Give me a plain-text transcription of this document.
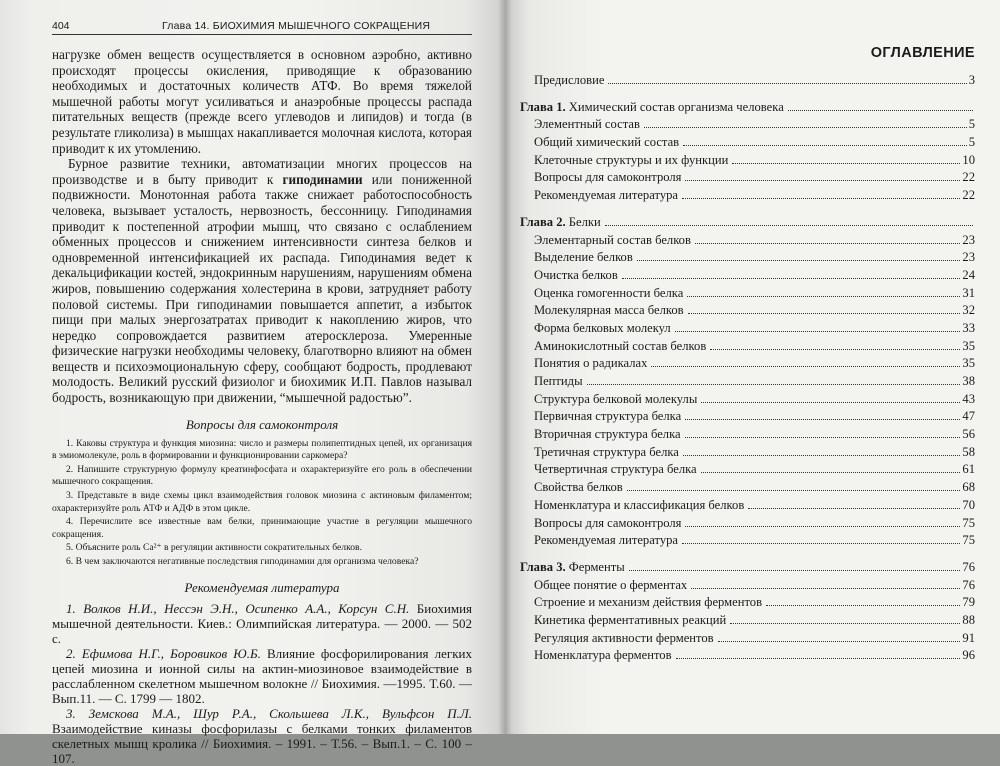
404	Глава 14. БИОХИМИЯ МЫШЕЧНОГО СОКРАЩЕНИЯ

нагрузке обмен веществ осуществляется в основном аэробно, активно происходят процессы окисления, приводящие к образованию необходимых и достаточных количеств АТФ. Во время тяжелой мышечной работы могут усиливаться и анаэробные процессы распада питательных веществ (прежде всего углеводов и липидов) и тогда (в результате гликолиза) в мышцах накапливается молочная кислота, которая приводит к их утомлению.

Бурное развитие техники, автоматизации многих процессов на производстве и в быту приводит к гиподинамии или пониженной подвижности. Монотонная работа также снижает работоспособность человека, вызывает усталость, нервозность, бессонницу. Гиподинамия приводит к постепенной атрофии мышц, что связано с ослаблением обменных процессов и снижением интенсивности синтеза белков и одновременной интенсификацией их распада. Гиподинамия ведет к декальцификации костей, эндокринным нарушениям, нарушениям обмена жиров, повышению содержания холестерина в крови, затрудняет работу половой системы. При гиподинамии повышается аппетит, а избыток пищи при малых энергозатратах приводит к накоплению жиров, что нередко сопровождается развитием атеросклероза. Умеренные физические нагрузки необходимы человеку, благотворно влияют на обмен веществ и психоэмоциональную сферу, сообщают бодрость, продлевают молодость. Великий русский физиолог и биохимик И.П. Павлов называл бодрость, возникающую при движении, “мышечной радостью”.

Вопросы для самоконтроля
1. Каковы структура и функция миозина: число и размеры полипептидных цепей, их организация в эмиомолекуле, роль в формировании и функционировании саркомера?
2. Напишите структурную формулу креатинфосфата и охарактеризуйте его роль в обеспечении мышечного сокращения.
3. Представьте в виде схемы цикл взаимодействия головок миозина с актиновым филаментом; охарактеризуйте роль АТФ и АДФ в этом цикле.
4. Перечислите все известные вам белки, принимающие участие в регуляции мышечного сокращения.
5. Объясните роль Ca²⁺ в регуляции активности сократительных белков.
6. В чем заключаются негативные последствия гиподинамии для организма человека?
Рекомендуемая литература

1. Волков Н.И., Нессэн Э.Н., Осипенко А.А., Корсун С.Н. Биохимия мышечной деятельности. Киев.: Олимпийская литература. — 2000. — 502 с.

2. Ефимова Н.Г., Боровиков Ю.Б. Влияние фосфорилирования легких цепей миозина и ионной силы на актин-миозиновое взаимодействие в расслабленном скелетном мышечном волокне // Биохимия. —1995. Т.60. — Вып.11. — С. 1799 — 1802.

3. Земскова М.А., Шур Р.А., Скольшева Л.К., Вульфсон П.Л. Взаимодействие киназы фосфорилазы с белками тонких филаментов скелетных мышц кролика // Биохимия. – 1991. – Т.56. – Вып.1. – С. 100 – 107.

ОГЛАВЛЕНИЕ
Предисловие	3
Глава 1. Химический состав организма человека
Элементный состав	5
Общий химический состав	5
Клеточные структуры и их функции	10
Вопросы для самоконтроля	22
Рекомендуемая литература	22
Глава 2. Белки
Элементарный состав белков	23
Выделение белков	23
Очистка белков	24
Оценка гомогенности белка	31
Молекулярная масса белков	32
Форма белковых молекул	33
Аминокислотный состав белков	35
Понятия о радикалах	35
Пептиды	38
Структура белковой молекулы	43
Первичная структура белка	47
Вторичная структура белка	56
Третичная структура белка	58
Четвертичная структура белка	61
Свойства белков	68
Номенклатура и классификация белков	70
Вопросы для самоконтроля	75
Рекомендуемая литература	75
Глава 3. Ферменты	76
Общее понятие о ферментах	76
Строение и механизм действия ферментов	79
Кинетика ферментативных реакций	88
Регуляция активности ферментов	91
Номенклатура ферментов	96
